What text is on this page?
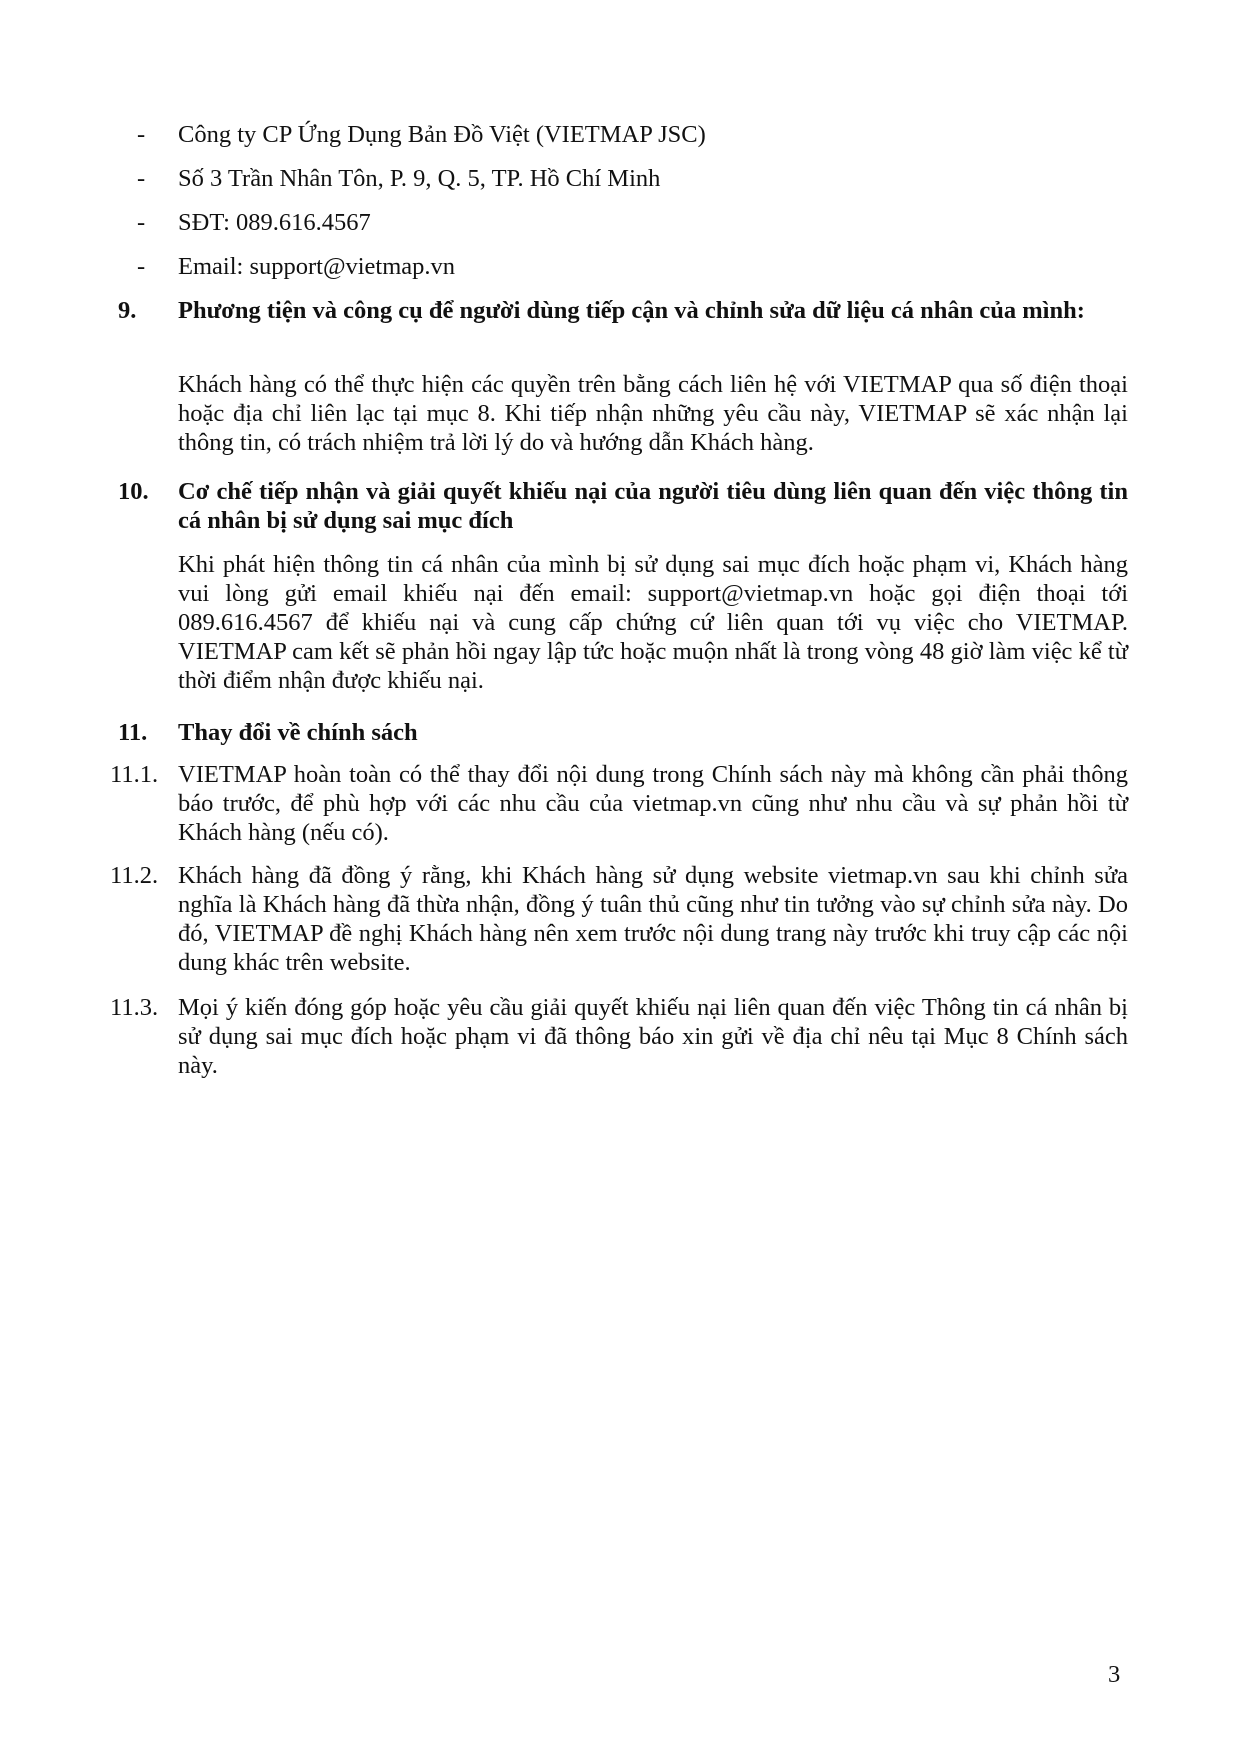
- Công ty CP Ứng Dụng Bản Đồ Việt (VIETMAP JSC)
- Số 3 Trần Nhân Tôn, P. 9, Q. 5, TP. Hồ Chí Minh
- SĐT: 089.616.4567
- Email: support@vietmap.vn
9. Phương tiện và công cụ để người dùng tiếp cận và chỉnh sửa dữ liệu cá nhân của mình:
Khách hàng có thể thực hiện các quyền trên bằng cách liên hệ với VIETMAP qua số điện thoại hoặc địa chỉ liên lạc tại mục 8. Khi tiếp nhận những yêu cầu này, VIETMAP sẽ xác nhận lại thông tin, có trách nhiệm trả lời lý do và hướng dẫn Khách hàng.
10. Cơ chế tiếp nhận và giải quyết khiếu nại của người tiêu dùng liên quan đến việc thông tin cá nhân bị sử dụng sai mục đích
Khi phát hiện thông tin cá nhân của mình bị sử dụng sai mục đích hoặc phạm vi, Khách hàng vui lòng gửi email khiếu nại đến email: support@vietmap.vn hoặc gọi điện thoại tới 089.616.4567 để khiếu nại và cung cấp chứng cứ liên quan tới vụ việc cho VIETMAP. VIETMAP cam kết sẽ phản hồi ngay lập tức hoặc muộn nhất là trong vòng 48 giờ làm việc kể từ thời điểm nhận được khiếu nại.
11. Thay đổi về chính sách
11.1. VIETMAP hoàn toàn có thể thay đổi nội dung trong Chính sách này mà không cần phải thông báo trước, để phù hợp với các nhu cầu của vietmap.vn cũng như nhu cầu và sự phản hồi từ Khách hàng (nếu có).
11.2. Khách hàng đã đồng ý rằng, khi Khách hàng sử dụng website vietmap.vn sau khi chỉnh sửa nghĩa là Khách hàng đã thừa nhận, đồng ý tuân thủ cũng như tin tưởng vào sự chỉnh sửa này. Do đó, VIETMAP đề nghị Khách hàng nên xem trước nội dung trang này trước khi truy cập các nội dung khác trên website.
11.3. Mọi ý kiến đóng góp hoặc yêu cầu giải quyết khiếu nại liên quan đến việc Thông tin cá nhân bị sử dụng sai mục đích hoặc phạm vi đã thông báo xin gửi về địa chỉ nêu tại Mục 8 Chính sách này.
3
